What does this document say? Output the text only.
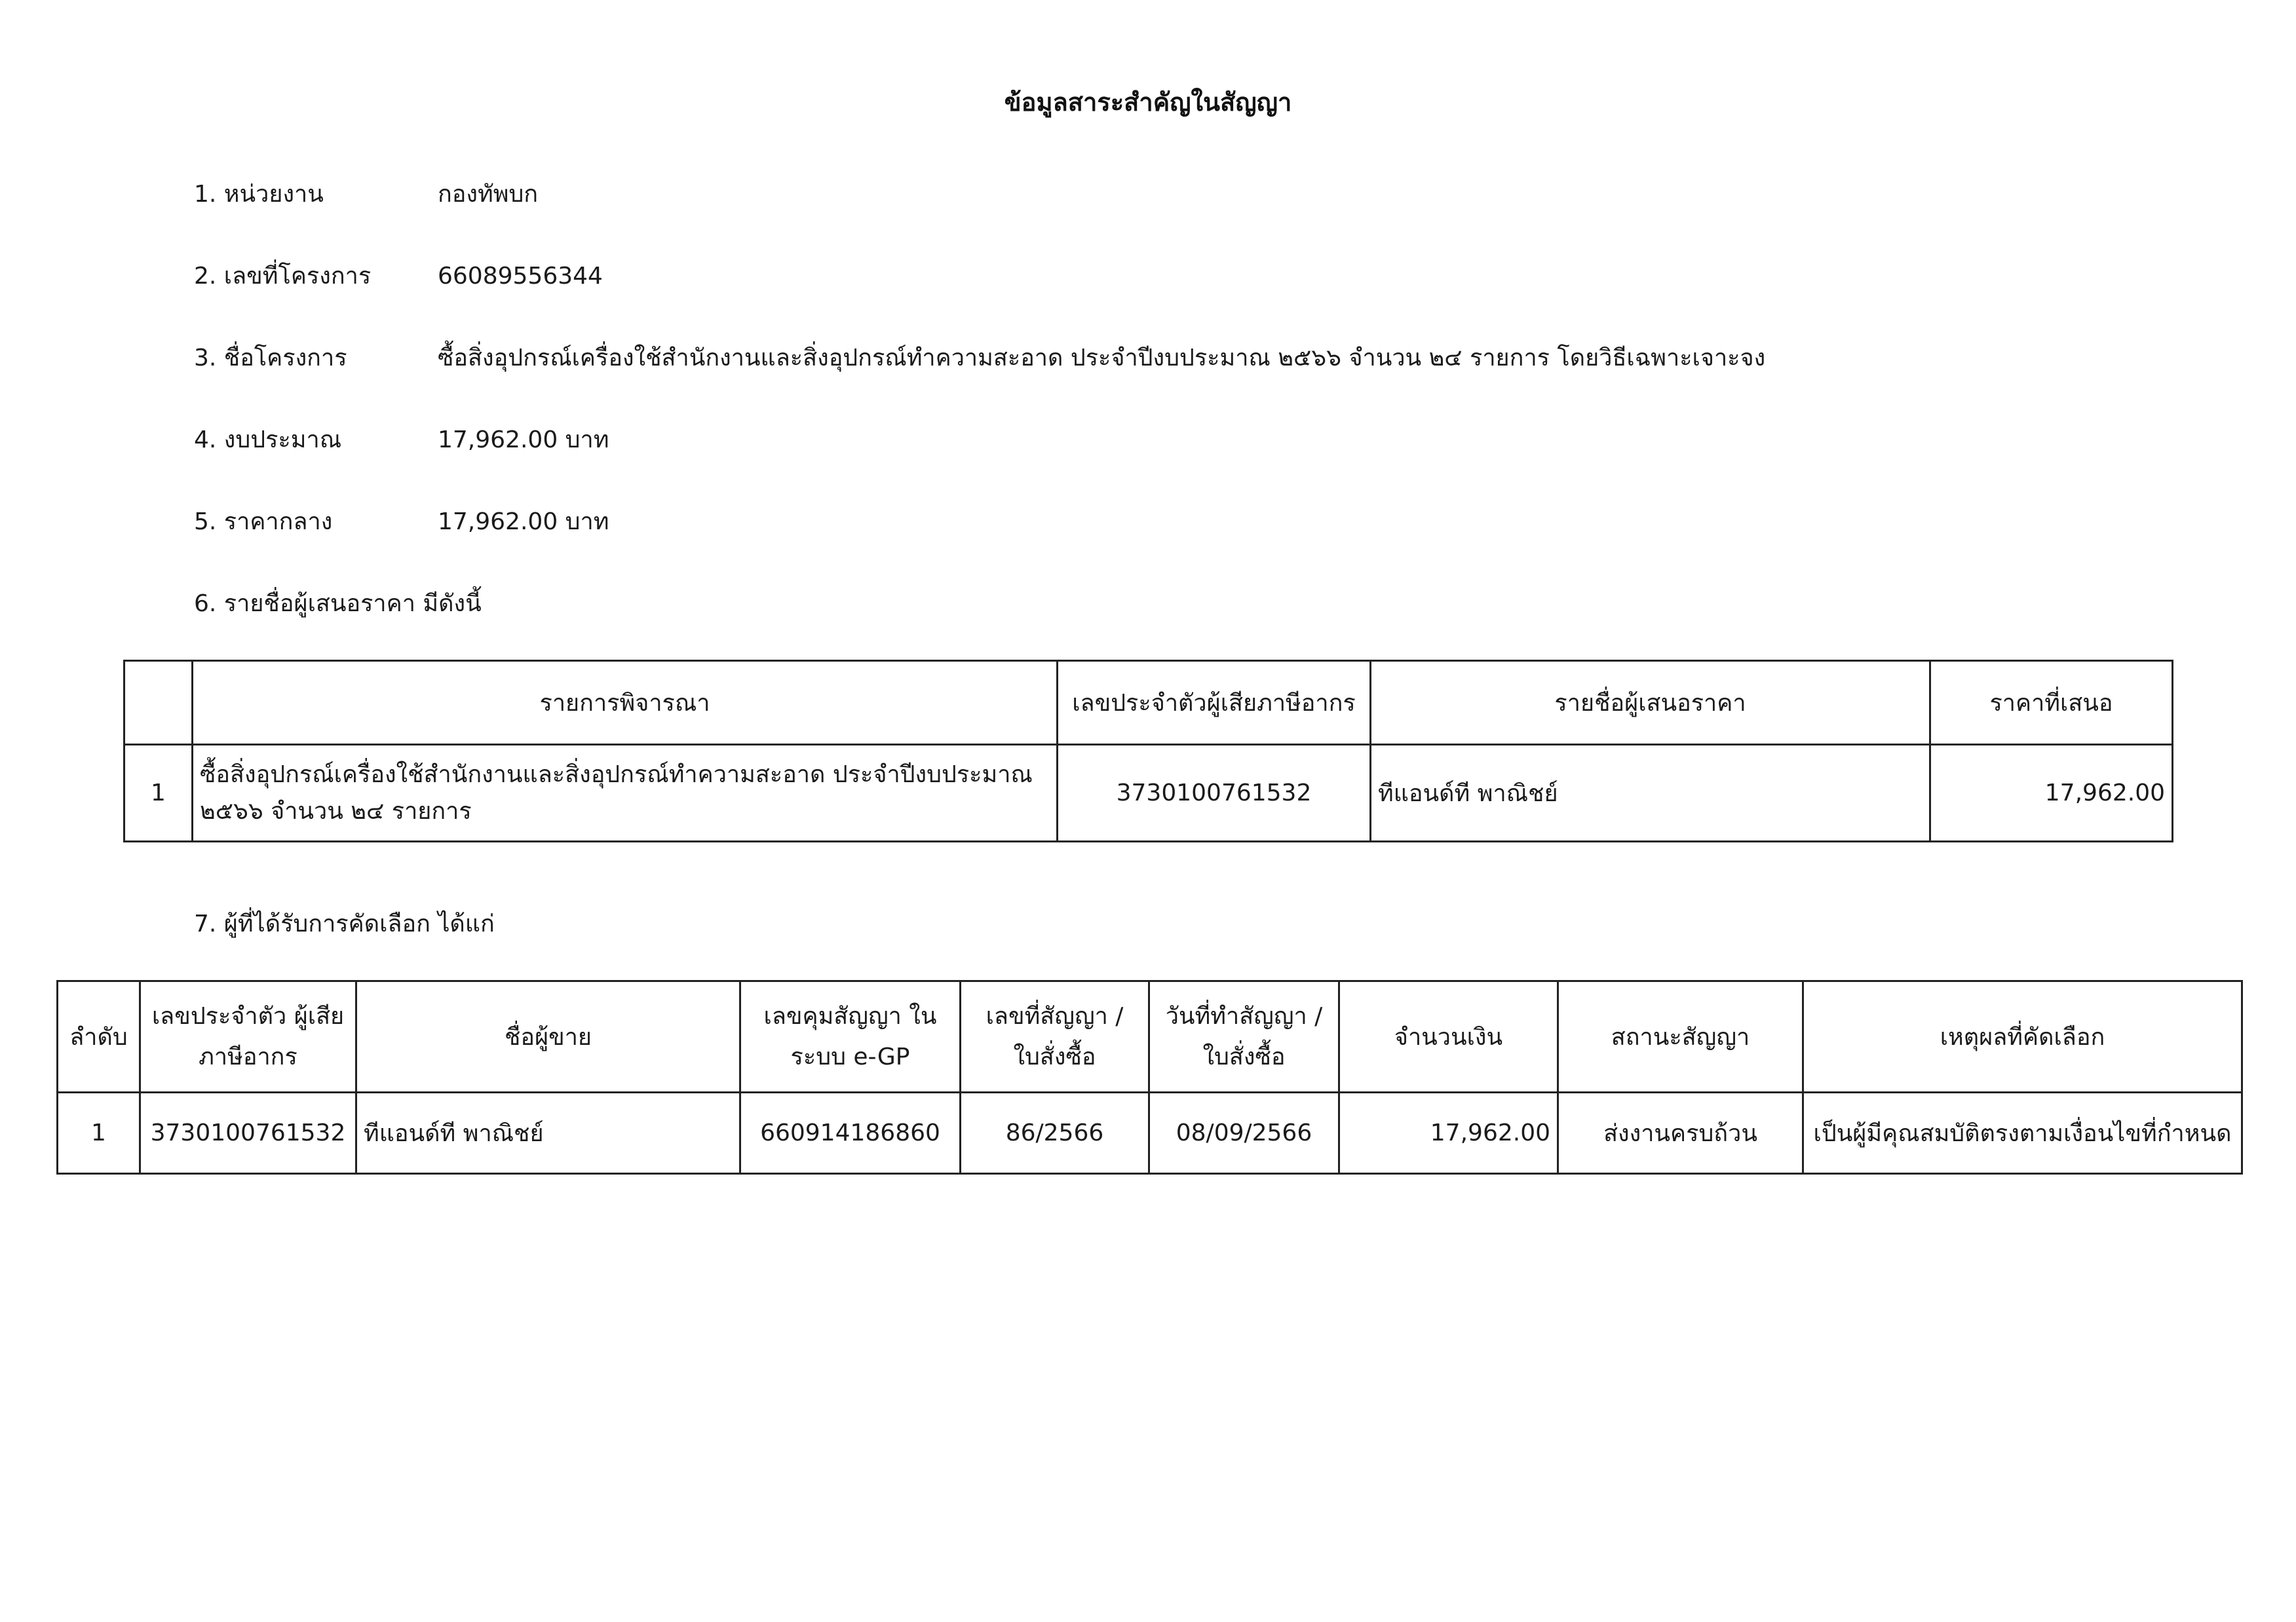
ข้อมูลสาระสำคัญในสัญญา
1. หน่วยงาน	กองทัพบก
2. เลขที่โครงการ	66089556344
3. ชื่อโครงการ	ซื้อสิ่งอุปกรณ์เครื่องใช้สำนักงานและสิ่งอุปกรณ์ทำความสะอาด ประจำปีงบประมาณ ๒๕๖๖ จำนวน ๒๔ รายการ โดยวิธีเฉพาะเจาะจง
4. งบประมาณ	17,962.00 บาท
5. ราคากลาง	17,962.00 บาท
6. รายชื่อผู้เสนอราคา มีดังนี้
	รายการพิจารณา	เลขประจำตัวผู้เสียภาษีอากร	รายชื่อผู้เสนอราคา	ราคาที่เสนอ
1	ซื้อสิ่งอุปกรณ์เครื่องใช้สำนักงานและสิ่งอุปกรณ์ทำความสะอาด ประจำปีงบประมาณ ๒๕๖๖ จำนวน ๒๔ รายการ	3730100761532	ทีแอนด์ที พาณิชย์	17,962.00
7. ผู้ที่ได้รับการคัดเลือก ได้แก่
ลำดับ	เลขประจำตัว ผู้เสียภาษีอากร	ชื่อผู้ขาย	เลขคุมสัญญา ในระบบ e-GP	เลขที่สัญญา / ใบสั่งซื้อ	วันที่ทำสัญญา / ใบสั่งซื้อ	จำนวนเงิน	สถานะสัญญา	เหตุผลที่คัดเลือก
1	3730100761532	ทีแอนด์ที พาณิชย์	660914186860	86/2566	08/09/2566	17,962.00	ส่งงานครบถ้วน	เป็นผู้มีคุณสมบัติตรงตามเงื่อนไขที่กำหนด
